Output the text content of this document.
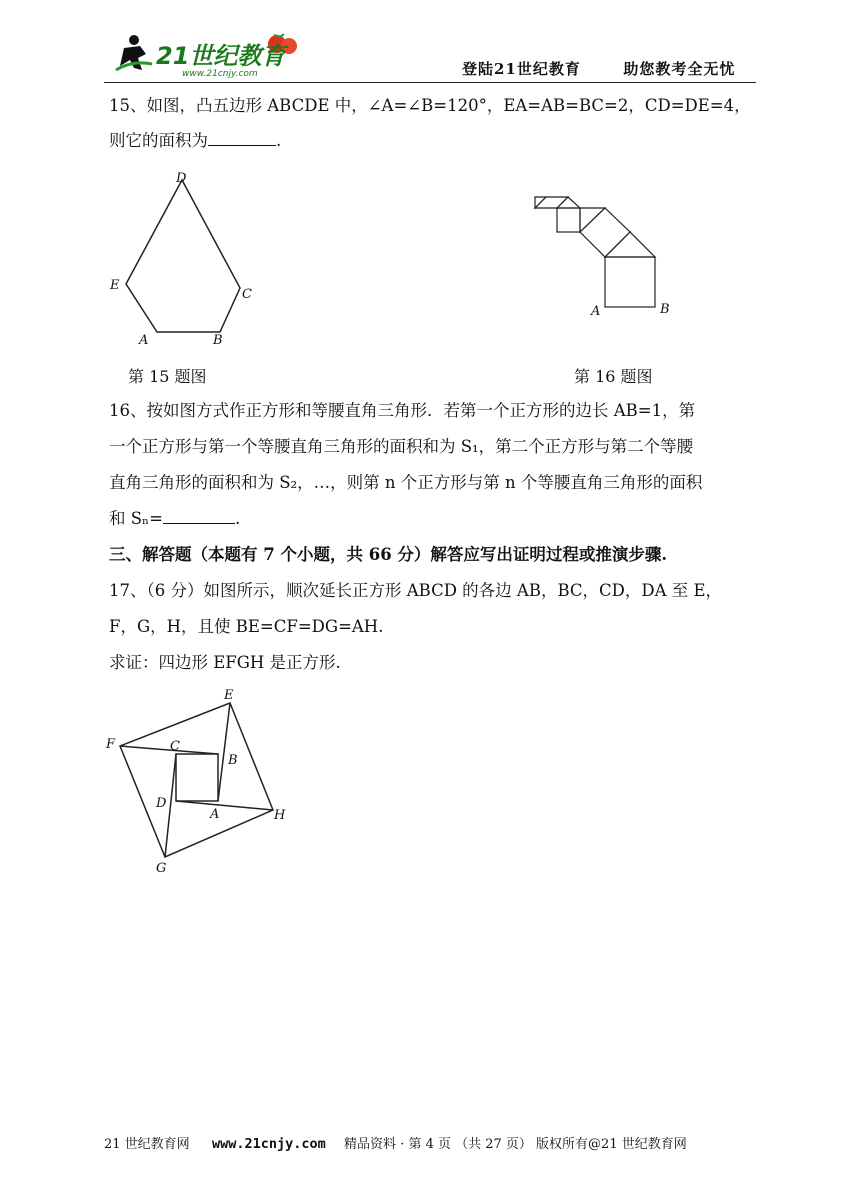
21世纪教育
www.21cnjy.com	登陆21世纪教育	助您教考全无忧
15、如图，凸五边形 ABCDE 中，∠A=∠B=120°，EA=AB=BC=2，CD=DE=4，
则它的面积为	.
D
C
B
A
E
A	B
第 15 题图	第 16 题图
16、按如图方式作正方形和等腰直角三角形．若第一个正方形的边长 AB=1，第
一个正方形与第一个等腰直角三角形的面积和为 S₁，第二个正方形与第二个等腰
直角三角形的面积和为 S₂，…，则第 n 个正方形与第 n 个等腰直角三角形的面积
和 Sₙ=	.
三、解答题（本题有 7 个小题，共 66 分）解答应写出证明过程或推演步骤.
17、（6 分）如图所示，顺次延长正方形 ABCD 的各边 AB，BC，CD，DA 至 E，
F，G，H，且使 BE=CF=DG=AH.
求证：四边形 EFGH 是正方形.
E
F	C
B
D
A	H
G
21 世纪教育网 www.21cnjy.com 精品资料 · 第 4 页 （共 27 页） 版权所有@21 世纪教育网
